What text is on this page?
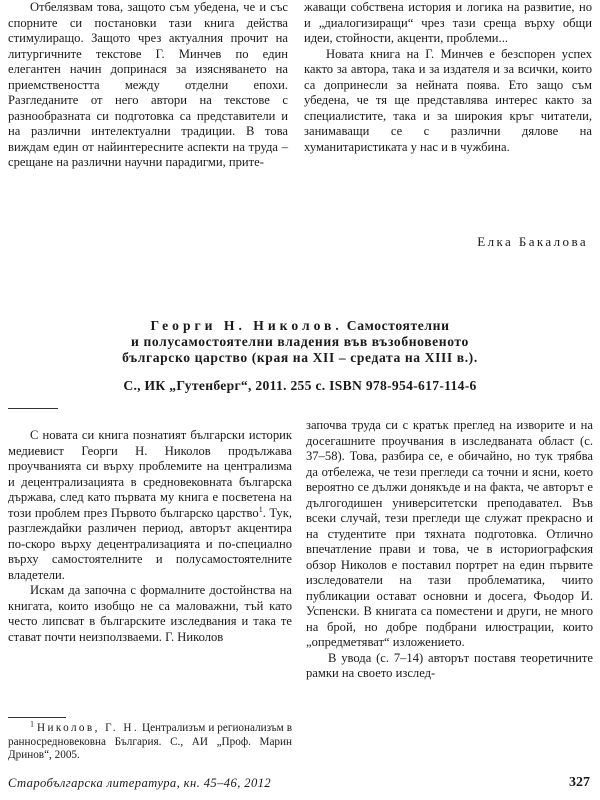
Отбелязвам това, защото съм убедена, че и със спорните си постановки тази книга действа стимулиращо. Защото чрез актуалния прочит на литургичните текстове Г. Минчев по един елегантен начин допринася за изясняването на приемствеността между отделни епохи. Разгледаните от него автори на текстове с разнообразната си подготовка са представители и на различни интелектуални традиции. В това виждам един от найинтересните аспекти на труда – срещане на различни научни парадигми, прите-

жаващи собствена история и логика на развитие, но и „диалогизиращи“ чрез тази среща върху общи идеи, стойности, акценти, проблеми...

Новата книга на Г. Минчев е безспорен успех както за автора, така и за издателя и за всички, които са допринесли за нейната поява. Ето защо съм убедена, че тя ще представлява интерес както за специалистите, така и за широкия кръг читатели, занимаващи се с различни дялове на хуманитаристиката у нас и в чужбина.

Елка Бакалова
Георги Н. Николов. Самостоятелни
и полусамостоятелни владения във възобновеното
българско царство (края на XII – средата на XIII в.).
С., ИК „Гутенберг“, 2011. 255 с. ISBN 978-954-617-114-6

С новата си книга познатият български историк медиевист Георги Н. Николов продължава проучванията си върху проблемите на централизма и децентрализацията в средновековната българска държава, след като първата му книга е посветена на този проблем през Първото българско царство$^1$. Тук, разглеждайки различен период, авторът акцентира по-скоро върху децентрализацията и по-специално върху самостоятелните и полусамостоятелните владетели.

Искам да започна с формалните достойнства на книгата, които изобщо не са маловажни, тъй като често липсват в българските изследвания и така те стават почти неизползваеми. Г. Николов

започва труда си с кратък преглед на изворите и на досегашните проучвания в изследваната област (с. 37–58). Това, разбира се, е обичайно, но тук трябва да отбележа, че тези прегледи са точни и ясни, което вероятно се дължи донякъде и на факта, че авторът е дългогодишен университетски преподавател. Във всеки случай, тези прегледи ще служат прекрасно и на студентите при тяхната подготовка. Отлично впечатление прави и това, че в историографския обзор Николов е поставил портрет на един първите изследователи на тази проблематика, чиито публикации остават основни и досега, Фьодор И. Успенски. В книгата са поместени и други, не много на брой, но добре подбрани илюстрации, които „опредметяват“ изложението.

В увода (с. 7–14) авторът поставя теоретичните рамки на своето изслед-

$^1$ Николов, Г. Н. Централизъм и регионализъм в ранносредновековна България. С., АИ „Проф. Марин Дринов“, 2005.

Старобългарска литература, кн. 45–46, 2012	327
